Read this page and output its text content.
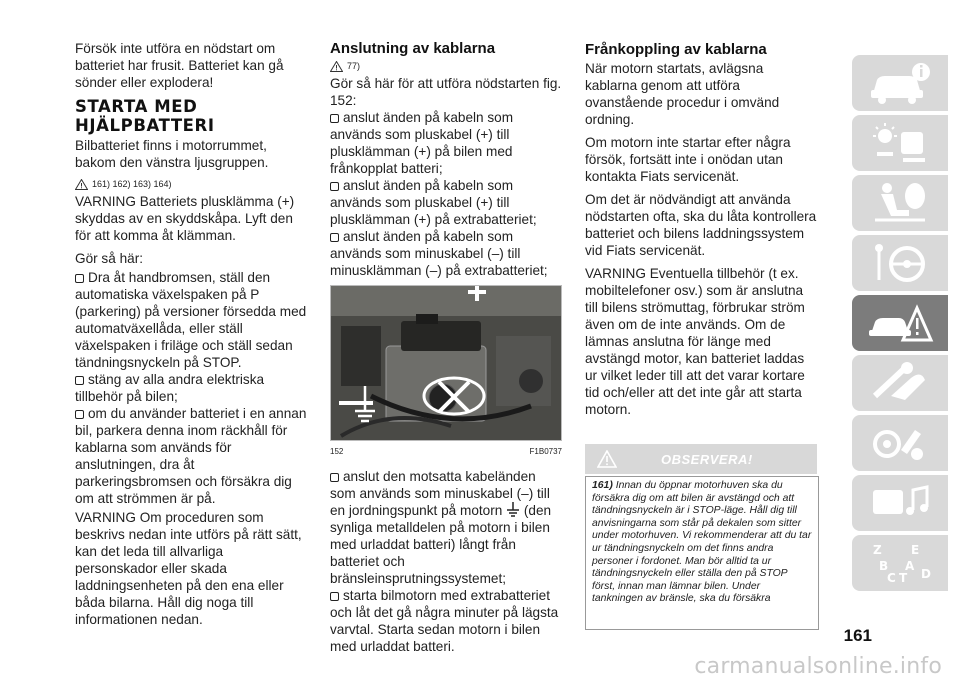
Försök inte utföra en nödstart om batteriet har frusit. Batteriet kan gå sönder eller explodera!

STARTA MED
HJÄLPBATTERI

Bilbatteriet finns i motorrummet, bakom den vänstra ljusgruppen.

161) 162) 163) 164)

VARNING Batteriets plusklämma (+) skyddas av en skyddskåpa. Lyft den för att komma åt klämman.

Gör så här:

Dra åt handbromsen, ställ den automatiska växelspaken på P (parkering) på versioner försedda med automatväxellåda, eller ställ växelspaken i friläge och ställ sedan tändningsnyckeln på STOP.

stäng av alla andra elektriska tillbehör på bilen;

om du använder batteriet i en annan bil, parkera denna inom räckhåll för kablarna som används för anslutningen, dra åt parkeringsbromsen och försäkra dig om att strömmen är på.

VARNING Om proceduren som beskrivs nedan inte utförs på rätt sätt, kan det leda till allvarliga personskador eller skada laddningsenheten på den ena eller båda bilarna. Håll dig noga till informationen nedan.

Anslutning av kablarna
77)

Gör så här för att utföra nödstarten fig. 152:

anslut änden på kabeln som används som pluskabel (+) till plusklämman (+) på bilen med frånkopplat batteri;

anslut änden på kabeln som används som pluskabel (+) till plusklämman (+) på extrabatteriet;

anslut änden på kabeln som används som minuskabel (–) till minusklämman (–) på extrabatteriet;

152	F1B0737

anslut den motsatta kabeländen som används som minuskabel (–) till en jordningspunkt på motorn (den synliga metalldelen på motorn i bilen med urladdat batteri) långt från batteriet och bränsleinsprutningssystemet;

starta bilmotorn med extrabatteriet och låt det gå några minuter på lägsta varvtal. Starta sedan motorn i bilen med urladdat batteri.

Frånkoppling av kablarna

När motorn startats, avlägsna kablarna genom att utföra ovanstående procedur i omvänd ordning.

Om motorn inte startar efter några försök, fortsätt inte i onödan utan kontakta Fiats servicenät.

Om det är nödvändigt att använda nödstarten ofta, ska du låta kontrollera batteriet och bilens laddningssystem vid Fiats servicenät.

VARNING Eventuella tillbehör (t ex. mobiltelefoner osv.) som är anslutna till bilens strömuttag, förbrukar ström även om de inte används. Om de lämnas anslutna för länge med avstängd motor, kan batteriet laddas ur vilket leder till att det varar kortare tid och/eller att det inte går att starta motorn.

OBSERVERA!
161) Innan du öppnar motorhuven ska du försäkra dig om att bilen är avstängd och att tändningsnyckeln är i STOP-läge. Håll dig till anvisningarna som står på dekalen som sitter under motorhuven. Vi rekommenderar att du tar ur tändningsnyckeln om det finns andra personer i fordonet. Man bör alltid ta ur tändningsnyckeln eller ställa den på STOP först, innan man lämnar bilen. Under tankningen av bränsle, ska du försäkra
Z E
B A
C T D
161
carmanualsonline.info
